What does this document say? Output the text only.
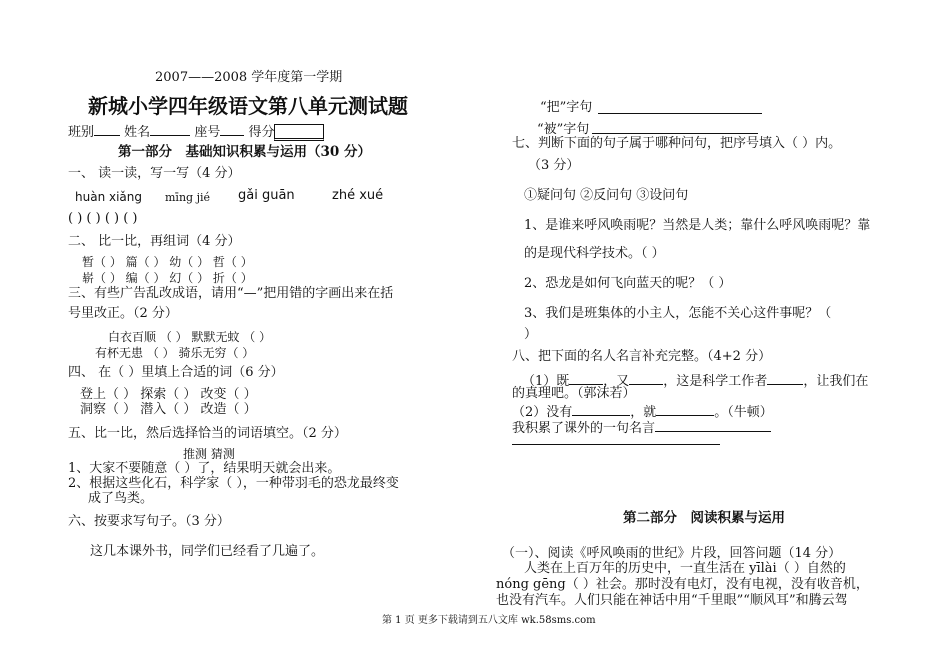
2007——2008 学年度第一学期
新城小学四年级语文第八单元测试题
班别 姓名	座号 得分
第一部分　基础知识积累与运用（30 分）
一、 读一读，写一写（4 分）
huàn xiǎng mīng jié gǎi guān	zhé xué
( ) ( ) ( ) ( )
二、 比一比，再组词（4 分）
暂（ ） 篇（ ） 幼（ ） 哲（ ）
崭（ ） 编（ ） 幻（ ） 折（ ）
三、有些广告乱改成语，请用“—”把用错的字画出来在括
号里改正。（2 分）
白衣百顺 （ ） 默默无蚊 （ ）
有杯无患 （ ） 骑乐无穷（ ）
四、 在（ ）里填上合适的词（6 分）
登上（ ） 探索（ ） 改变（ ）
洞察（ ） 潜入（ ） 改造（ ）
五、比一比，然后选择恰当的词语填空。（2 分）
推测 猜测
1、大家不要随意（ ）了，结果明天就会出来。
2、根据这些化石，科学家（ ），一种带羽毛的恐龙最终变
成了鸟类。
六、按要求写句子。（3 分）
这几本课外书，同学们已经看了几遍了。
“把”字句
“被”字句
七、判断下面的句子属于哪种问句，把序号填入（ ）内。
（3 分）
①疑问句 ②反问句 ③设问句
1、是谁来呼风唤雨呢？当然是人类；靠什么呼风唤雨呢？靠
的是现代科学技术。（ ）
2、恐龙是如何飞向蓝天的呢？（ ）
3、我们是班集体的小主人，怎能不关心这件事呢？（
）
八、把下面的名人名言补充完整。（4+2 分）
（1）既	，又	，这是科学工作者	，让我们在
的真理吧。（郭沫若）
（2）没有	，就	。（牛顿）
我积累了课外的一句名言
第二部分　阅读积累与运用
（一）、阅读《呼风唤雨的世纪》片段，回答问题（14 分）
人类在上百万年的历史中，一直生活在 yīlài（ ）自然的
nóng gēng（ ）社会。那时没有电灯，没有电视，没有收音机，
也没有汽车。人们只能在神话中用“千里眼”“顺风耳”和腾云驾
第 1 页 更多下载请到五八文库 wk.58sms.com
